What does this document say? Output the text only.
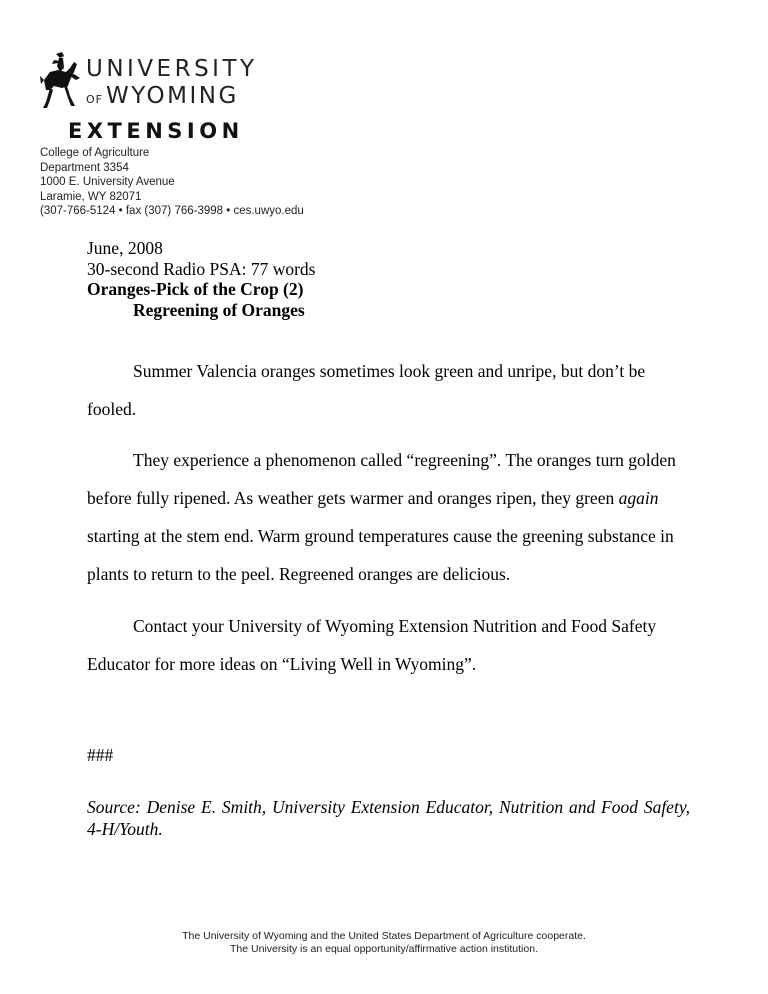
UNIVERSITY
OF WYOMING
EXTENSION
College of Agriculture
Department 3354
1000 E. University Avenue
Laramie, WY 82071
(307-766-5124 • fax (307) 766-3998 • ces.uwyo.edu
June, 2008
30-second Radio PSA: 77 words
Oranges-Pick of the Crop (2)
Regreening of Oranges

Summer Valencia oranges sometimes look green and unripe, but don’t be fooled.

They experience a phenomenon called “regreening”. The oranges turn golden before fully ripened. As weather gets warmer and oranges ripen, they green again starting at the stem end. Warm ground temperatures cause the greening substance in plants to return to the peel. Regreened oranges are delicious.

Contact your University of Wyoming Extension Nutrition and Food Safety Educator for more ideas on “Living Well in Wyoming”.

###
Source: Denise E. Smith, University Extension Educator, Nutrition and Food Safety, 4-H/Youth.
The University of Wyoming and the United States Department of Agriculture cooperate.
The University is an equal opportunity/affirmative action institution.
